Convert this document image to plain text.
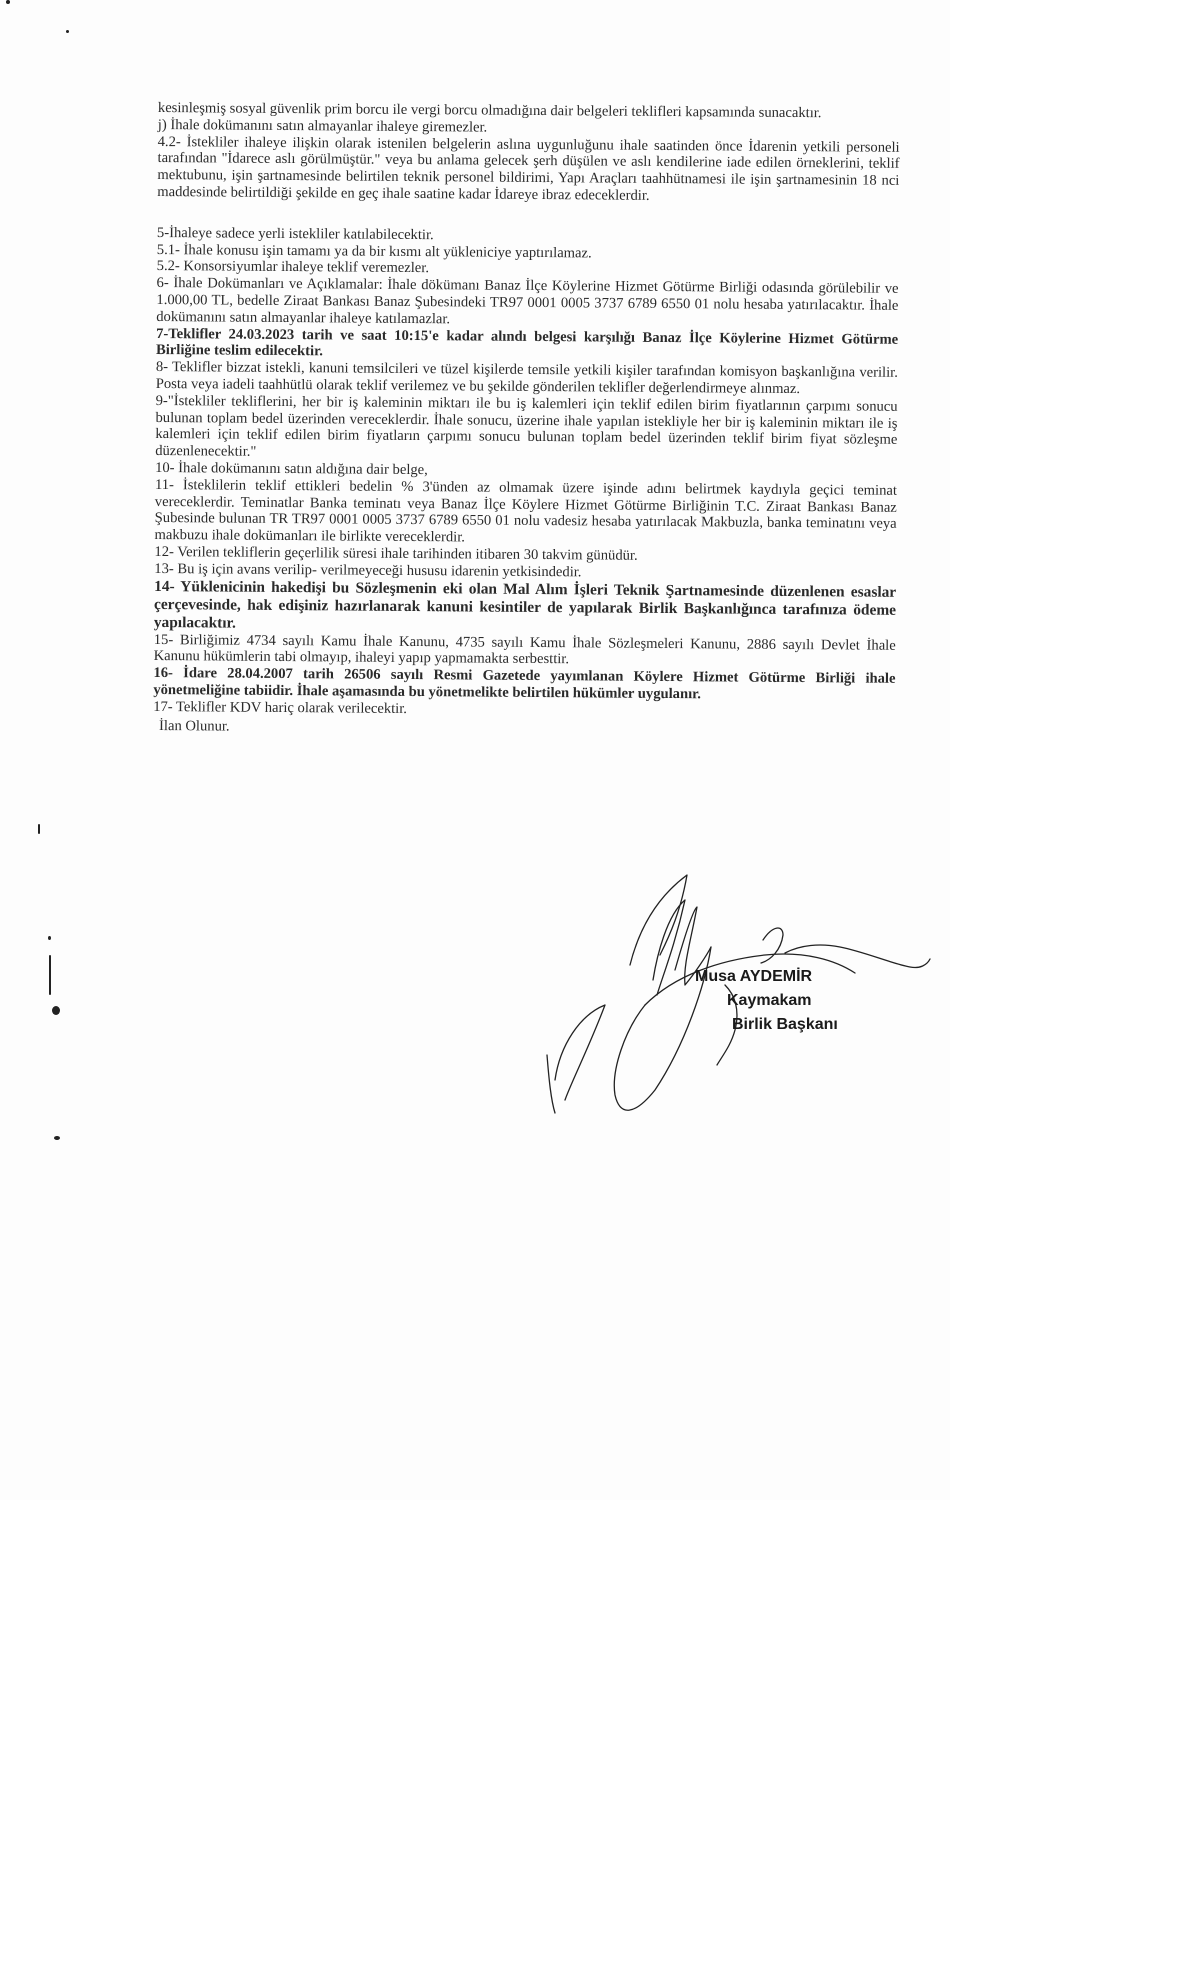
kesinleşmiş sosyal güvenlik prim borcu ile vergi borcu olmadığına dair belgeleri teklifleri kapsamında sunacaktır.

j) İhale dokümanını satın almayanlar ihaleye giremezler.

4.2- İstekliler ihaleye ilişkin olarak istenilen belgelerin aslına uygunluğunu ihale saatinden önce İdarenin yetkili personeli tarafından "İdarece aslı görülmüştür." veya bu anlama gelecek şerh düşülen ve aslı kendilerine iade edilen örneklerini, teklif mektubunu, işin şartnamesinde belirtilen teknik personel bildirimi, Yapı Araçları taahhütnamesi ile işin şartnamesinin 18 nci maddesinde belirtildiği şekilde en geç ihale saatine kadar İdareye ibraz edeceklerdir.

5-İhaleye sadece yerli istekliler katılabilecektir.

5.1- İhale konusu işin tamamı ya da bir kısmı alt yükleniciye yaptırılamaz.

5.2- Konsorsiyumlar ihaleye teklif veremezler.

6- İhale Dokümanları ve Açıklamalar: İhale dökümanı Banaz İlçe Köylerine Hizmet Götürme Birliği odasında görülebilir ve 1.000,00 TL, bedelle Ziraat Bankası Banaz Şubesindeki TR97 0001 0005 3737 6789 6550 01 nolu hesaba yatırılacaktır. İhale dokümanını satın almayanlar ihaleye katılamazlar.

7-Teklifler 24.03.2023 tarih ve saat 10:15'e kadar alındı belgesi karşılığı Banaz İlçe Köylerine Hizmet Götürme Birliğine teslim edilecektir.

8- Teklifler bizzat istekli, kanuni temsilcileri ve tüzel kişilerde temsile yetkili kişiler tarafından komisyon başkanlığına verilir. Posta veya iadeli taahhütlü olarak teklif verilemez ve bu şekilde gönderilen teklifler değerlendirmeye alınmaz.

9-"İstekliler tekliflerini, her bir iş kaleminin miktarı ile bu iş kalemleri için teklif edilen birim fiyatlarının çarpımı sonucu bulunan toplam bedel üzerinden vereceklerdir. İhale sonucu, üzerine ihale yapılan istekliyle her bir iş kaleminin miktarı ile iş kalemleri için teklif edilen birim fiyatların çarpımı sonucu bulunan toplam bedel üzerinden teklif birim fiyat sözleşme düzenlenecektir."

10- İhale dokümanını satın aldığına dair belge,

11- İsteklilerin teklif ettikleri bedelin % 3'ünden az olmamak üzere işinde adını belirtmek kaydıyla geçici teminat vereceklerdir. Teminatlar Banka teminatı veya Banaz İlçe Köylere Hizmet Götürme Birliğinin T.C. Ziraat Bankası Banaz Şubesinde bulunan TR TR97 0001 0005 3737 6789 6550 01 nolu vadesiz hesaba yatırılacak Makbuzla, banka teminatını veya makbuzu ihale dokümanları ile birlikte vereceklerdir.

12- Verilen tekliflerin geçerlilik süresi ihale tarihinden itibaren 30 takvim günüdür.

13- Bu iş için avans verilip- verilmeyeceği hususu idarenin yetkisindedir.

14- Yüklenicinin hakedişi bu Sözleşmenin eki olan Mal Alım İşleri Teknik Şartnamesinde düzenlenen esaslar çerçevesinde, hak edişiniz hazırlanarak kanuni kesintiler de yapılarak Birlik Başkanlığınca tarafınıza ödeme yapılacaktır.

15- Birliğimiz 4734 sayılı Kamu İhale Kanunu, 4735 sayılı Kamu İhale Sözleşmeleri Kanunu, 2886 sayılı Devlet İhale Kanunu hükümlerin tabi olmayıp, ihaleyi yapıp yapmamakta serbesttir.

16- İdare 28.04.2007 tarih 26506 sayılı Resmi Gazetede yayımlanan Köylere Hizmet Götürme Birliği ihale yönetmeliğine tabiidir. İhale aşamasında bu yönetmelikte belirtilen hükümler uygulanır.

17- Teklifler KDV hariç olarak verilecektir.

İlan Olunur.

Musa AYDEMİR
Kaymakam
Birlik Başkanı
